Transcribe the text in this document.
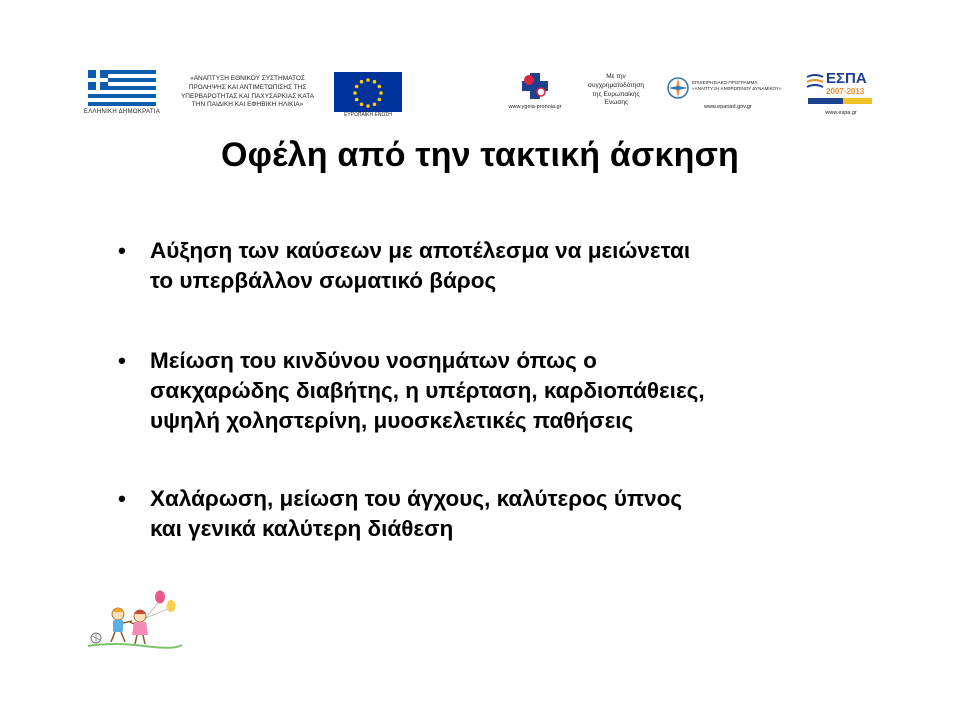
ΕΛΛΗΝΙΚΗ ΔΗΜΟΚΡΑΤΙΑ
«ΑΝΑΠΤΥΞΗ ΕΘΝΙΚΟΥ ΣΥΣΤΗΜΑΤΟΣ
ΠΡΟΛΗΨΗΣ ΚΑΙ ΑΝΤΙΜΕΤΩΠΙΣΗΣ ΤΗΣ
ΥΠΕΡΒΑΡΟΤΗΤΑΣ ΚΑΙ ΠΑΧΥΣΑΡΚΙΑΣ ΚΑΤΑ
ΤΗΝ ΠΑΙΔΙΚΗ ΚΑΙ ΕΦΗΒΙΚΗ ΗΛΙΚΙΑ»
ΕΥΡΩΠΑΪΚΗ ΕΝΩΣΗ
www.ygeia-pronoia.gr
Με την
συγχρηματοδότηση
της Ευρωπαϊκής
Ένωσης
ΕΠΙΧΕΙΡΗΣΙΑΚΟ ΠΡΟΓΡΑΜΜΑ
«ΑΝΑΠΤΥΞΗ ΑΝΘΡΩΠΙΝΟΥ ΔΥΝΑΜΙΚΟΥ»
www.epanad.gov.gr
ΕΣΠΑ
2007-2013
www.espa.gr
Οφέλη από την τακτική άσκηση
• Αύξηση των καύσεων με αποτέλεσμα να μειώνεται
το υπερβάλλον σωματικό βάρος
• Μείωση του κινδύνου νοσημάτων όπως ο
σακχαρώδης διαβήτης, η υπέρταση, καρδιοπάθειες,
υψηλή χοληστερίνη, μυοσκελετικές παθήσεις
• Χαλάρωση, μείωση του άγχους, καλύτερος ύπνος
και γενικά καλύτερη διάθεση
